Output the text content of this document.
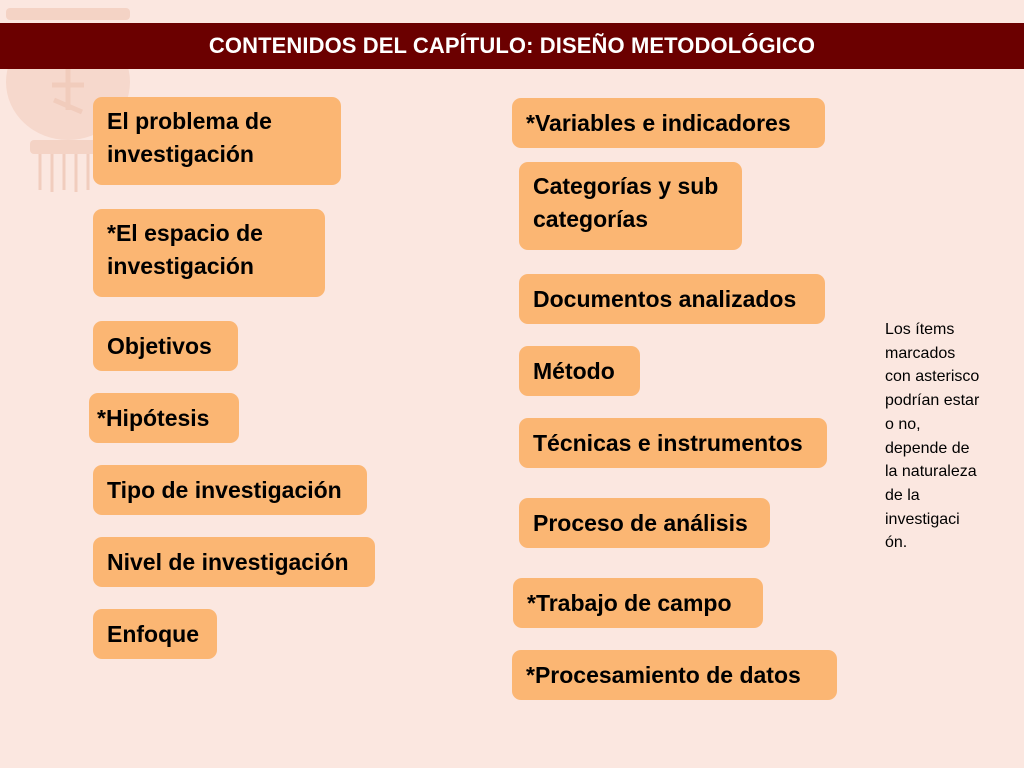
CONTENIDOS DEL CAPÍTULO: DISEÑO METODOLÓGICO
El problema de investigación
*El espacio de investigación
Objetivos
*Hipótesis
Tipo de investigación
Nivel de investigación
Enfoque
*Variables e indicadores
Categorías y sub categorías
Documentos analizados
Método
Técnicas e instrumentos
Proceso de análisis
*Trabajo de campo
*Procesamiento de datos
Los ítems marcados con asterisco podrían estar o no, depende de la naturaleza de la investigaci ón.
